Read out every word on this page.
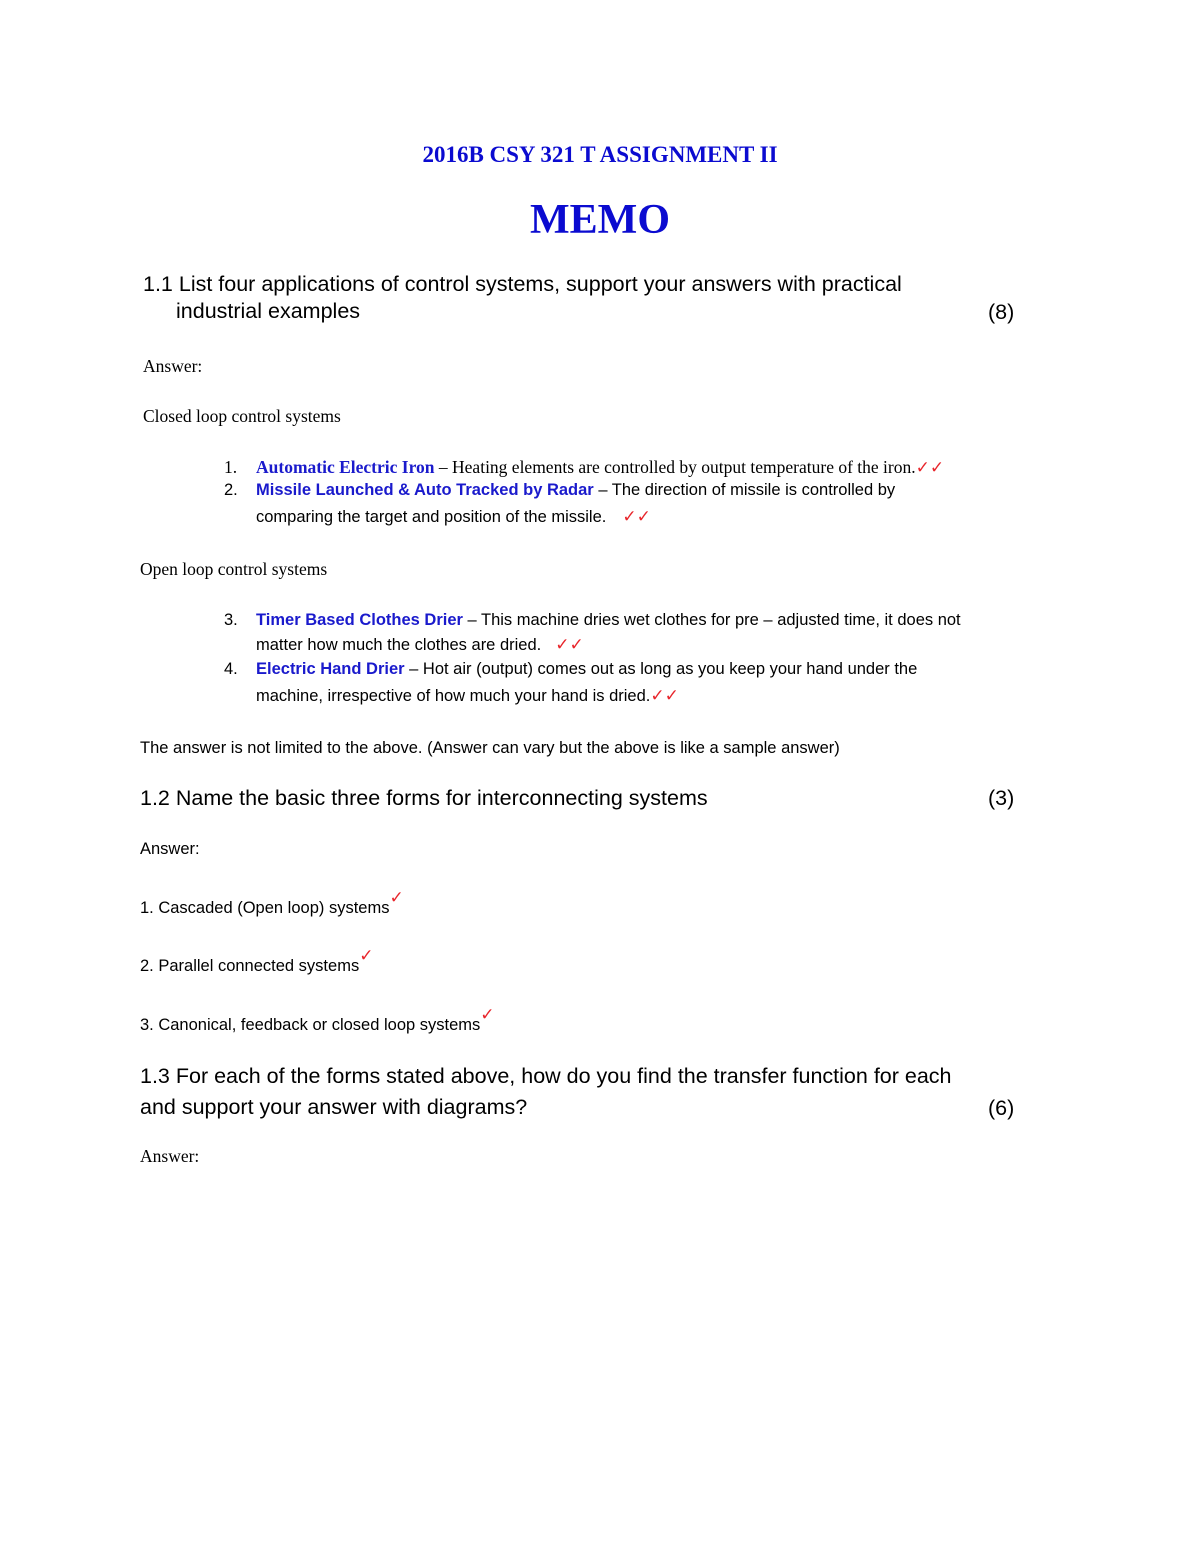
2016B CSY 321 T ASSIGNMENT II
MEMO
1.1 List four applications of control systems, support your answers with practical
industrial examples	(8)
Answer:
Closed loop control systems
1. Automatic Electric Iron – Heating elements are controlled by output temperature of the iron.✓✓
2. Missile Launched & Auto Tracked by Radar – The direction of missile is controlled by
comparing the target and position of the missile. ✓✓
Open loop control systems
3. Timer Based Clothes Drier – This machine dries wet clothes for pre – adjusted time, it does not
matter how much the clothes are dried. ✓✓
4. Electric Hand Drier – Hot air (output) comes out as long as you keep your hand under the
machine, irrespective of how much your hand is dried.✓✓
The answer is not limited to the above. (Answer can vary but the above is like a sample answer)
1.2 Name the basic three forms for interconnecting systems	(3)
Answer:
1. Cascaded (Open loop) systems✓
2. Parallel connected systems✓
3. Canonical, feedback or closed loop systems✓
1.3 For each of the forms stated above, how do you find the transfer function for each
and support your answer with diagrams?	(6)
Answer:
